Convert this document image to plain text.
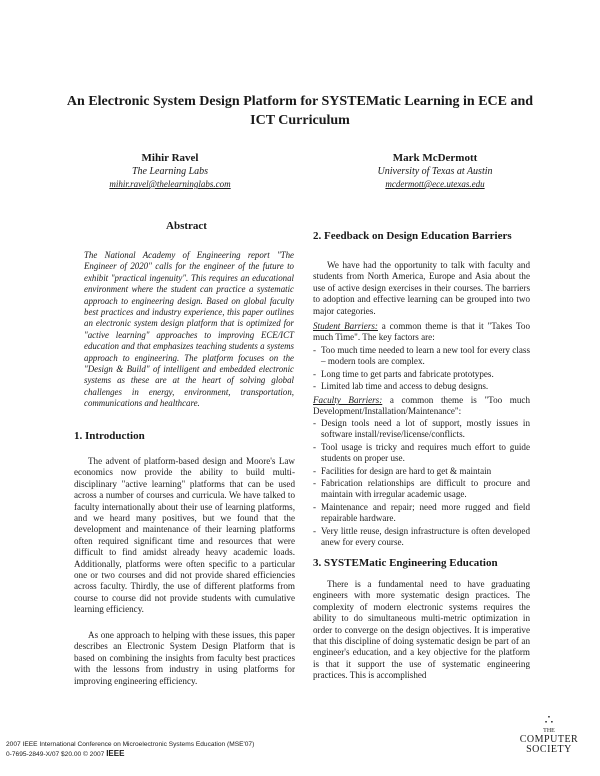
An Electronic System Design Platform for SYSTEMatic Learning in ECE and ICT Curriculum
Mihir Ravel
The Learning Labs
mihir.ravel@thelearninglabs.com
Mark McDermott
University of Texas at Austin
mcdermott@ece.utexas.edu
Abstract
The National Academy of Engineering report "The Engineer of 2020" calls for the engineer of the future to exhibit "practical ingenuity". This requires an educational environment where the student can practice a systematic approach to engineering design. Based on global faculty best practices and industry experience, this paper outlines an electronic system design platform that is optimized for "active learning" approaches to improving ECE/ICT education and that emphasizes teaching students a systems approach to engineering. The platform focuses on the "Design & Build" of intelligent and embedded electronic systems as these are at the heart of solving global challenges in energy, environment, transportation, communications and healthcare.
1. Introduction
The advent of platform-based design and Moore's Law economics now provide the ability to build multi-disciplinary "active learning" platforms that can be used across a number of courses and curricula. We have talked to faculty internationally about their use of learning platforms, and we heard many positives, but we found that the development and maintenance of their learning platforms often required significant time and resources that were difficult to find amidst already heavy academic loads. Additionally, platforms were often specific to a particular one or two courses and did not provide shared efficiencies across faculty. Thirdly, the use of different platforms from course to course did not provide students with cumulative learning efficiency.
As one approach to helping with these issues, this paper describes an Electronic System Design Platform that is based on combining the insights from faculty best practices with the lessons from industry in using platforms for improving engineering efficiency.
2. Feedback on Design Education Barriers
We have had the opportunity to talk with faculty and students from North America, Europe and Asia about the use of active design exercises in their courses. The barriers to adoption and effective learning can be grouped into two major categories.
Student Barriers: a common theme is that it "Takes Too much Time". The key factors are:
- Too much time needed to learn a new tool for every class – modern tools are complex.
- Long time to get parts and fabricate prototypes.
- Limited lab time and access to debug designs.
Faculty Barriers: a common theme is "Too much Development/Installation/Maintenance":
- Design tools need a lot of support, mostly issues in software install/revise/license/conflicts.
- Tool usage is tricky and requires much effort to guide students on proper use.
- Facilities for design are hard to get & maintain
- Fabrication relationships are difficult to procure and maintain with irregular academic usage.
- Maintenance and repair; need more rugged and field repairable hardware.
- Very little reuse, design infrastructure is often developed anew for every course.
3. SYSTEMatic Engineering Education
There is a fundamental need to have graduating engineers with more systematic design practices. The complexity of modern electronic systems requires the ability to do simultaneous multi-metric optimization in order to converge on the design objectives. It is imperative that this discipline of doing systematic design be part of an engineer's education, and a key objective for the platform is that it support the use of systematic engineering practices. This is accomplished
2007 IEEE International Conference on Microelectronic Systems Education (MSE'07)
0-7695-2849-X/07 $20.00 © 2007 IEEE
∴
THE
COMPUTER
SOCIETY
